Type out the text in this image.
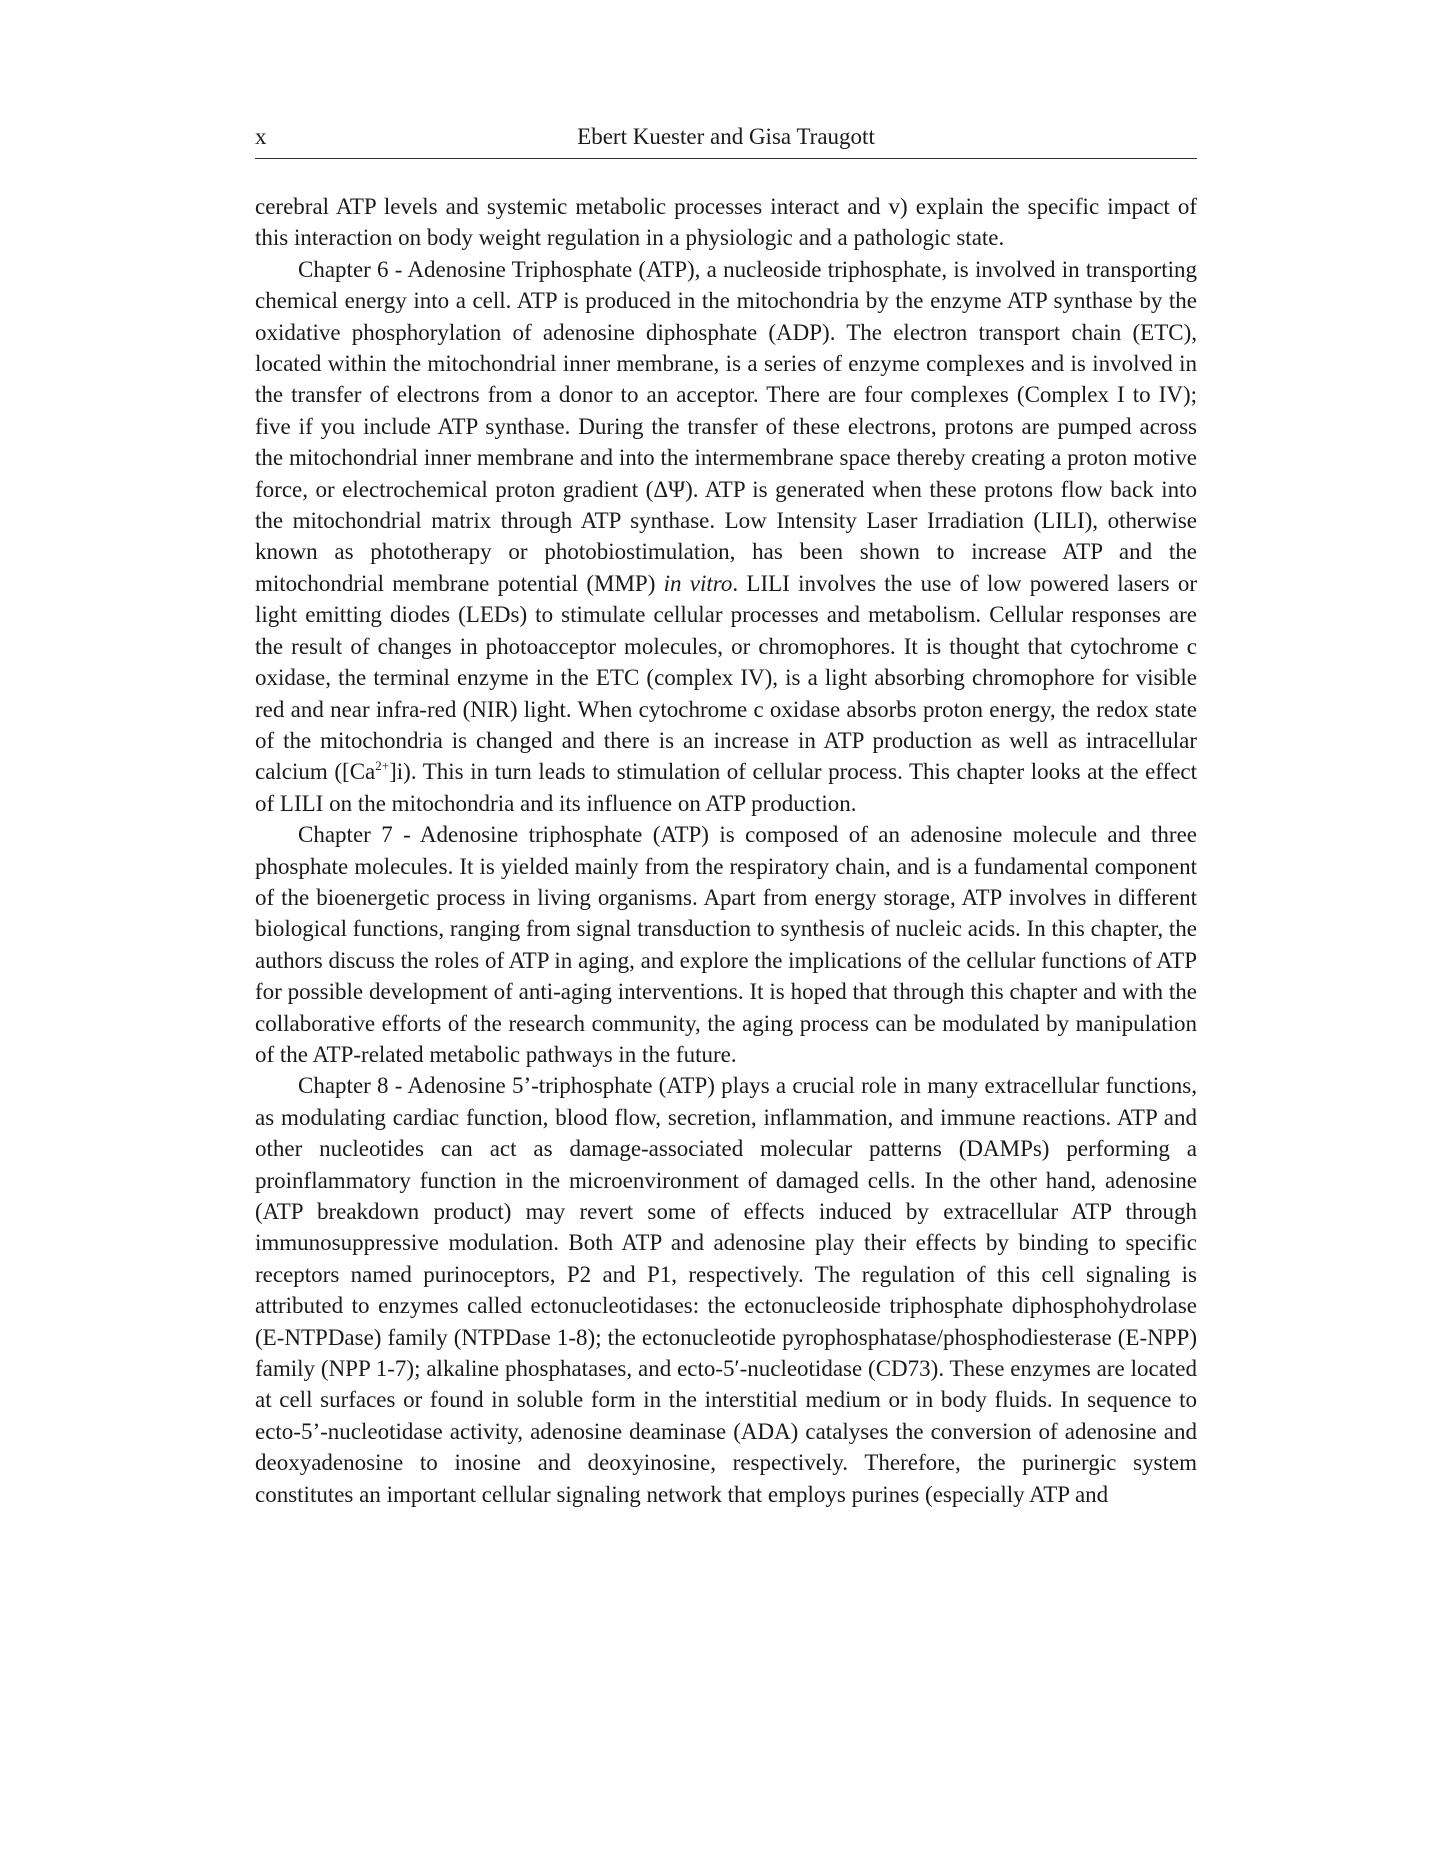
x	Ebert Kuester and Gisa Traugott

cerebral ATP levels and systemic metabolic processes interact and v) explain the specific impact of this interaction on body weight regulation in a physiologic and a pathologic state.

Chapter 6 - Adenosine Triphosphate (ATP), a nucleoside triphosphate, is involved in transporting chemical energy into a cell. ATP is produced in the mitochondria by the enzyme ATP synthase by the oxidative phosphorylation of adenosine diphosphate (ADP). The electron transport chain (ETC), located within the mitochondrial inner membrane, is a series of enzyme complexes and is involved in the transfer of electrons from a donor to an acceptor. There are four complexes (Complex I to IV); five if you include ATP synthase. During the transfer of these electrons, protons are pumped across the mitochondrial inner membrane and into the intermembrane space thereby creating a proton motive force, or electrochemical proton gradient (ΔΨ). ATP is generated when these protons flow back into the mitochondrial matrix through ATP synthase. Low Intensity Laser Irradiation (LILI), otherwise known as phototherapy or photobiostimulation, has been shown to increase ATP and the mitochondrial membrane potential (MMP) in vitro. LILI involves the use of low powered lasers or light emitting diodes (LEDs) to stimulate cellular processes and metabolism. Cellular responses are the result of changes in photoacceptor molecules, or chromophores. It is thought that cytochrome c oxidase, the terminal enzyme in the ETC (complex IV), is a light absorbing chromophore for visible red and near infra-red (NIR) light. When cytochrome c oxidase absorbs proton energy, the redox state of the mitochondria is changed and there is an increase in ATP production as well as intracellular calcium $([Ca^{2+}]i)$. This in turn leads to stimulation of cellular process. This chapter looks at the effect of LILI on the mitochondria and its influence on ATP production.

Chapter 7 - Adenosine triphosphate (ATP) is composed of an adenosine molecule and three phosphate molecules. It is yielded mainly from the respiratory chain, and is a fundamental component of the bioenergetic process in living organisms. Apart from energy storage, ATP involves in different biological functions, ranging from signal transduction to synthesis of nucleic acids. In this chapter, the authors discuss the roles of ATP in aging, and explore the implications of the cellular functions of ATP for possible development of anti-aging interventions. It is hoped that through this chapter and with the collaborative efforts of the research community, the aging process can be modulated by manipulation of the ATP-related metabolic pathways in the future.

Chapter 8 - Adenosine 5’-triphosphate (ATP) plays a crucial role in many extracellular functions, as modulating cardiac function, blood flow, secretion, inflammation, and immune reactions. ATP and other nucleotides can act as damage-associated molecular patterns (DAMPs) performing a proinflammatory function in the microenvironment of damaged cells. In the other hand, adenosine (ATP breakdown product) may revert some of effects induced by extracellular ATP through immunosuppressive modulation. Both ATP and adenosine play their effects by binding to specific receptors named purinoceptors, P2 and P1, respectively. The regulation of this cell signaling is attributed to enzymes called ectonucleotidases: the ectonucleoside triphosphate diphosphohydrolase (E-NTPDase) family (NTPDase 1-8); the ectonucleotide pyrophosphatase/phosphodiesterase (E-NPP) family (NPP 1-7); alkaline phosphatases, and ecto-5′-nucleotidase (CD73). These enzymes are located at cell surfaces or found in soluble form in the interstitial medium or in body fluids. In sequence to ecto-5’-nucleotidase activity, adenosine deaminase (ADA) catalyses the conversion of adenosine and deoxyadenosine to inosine and deoxyinosine, respectively. Therefore, the purinergic system constitutes an important cellular signaling network that employs purines (especially ATP and
